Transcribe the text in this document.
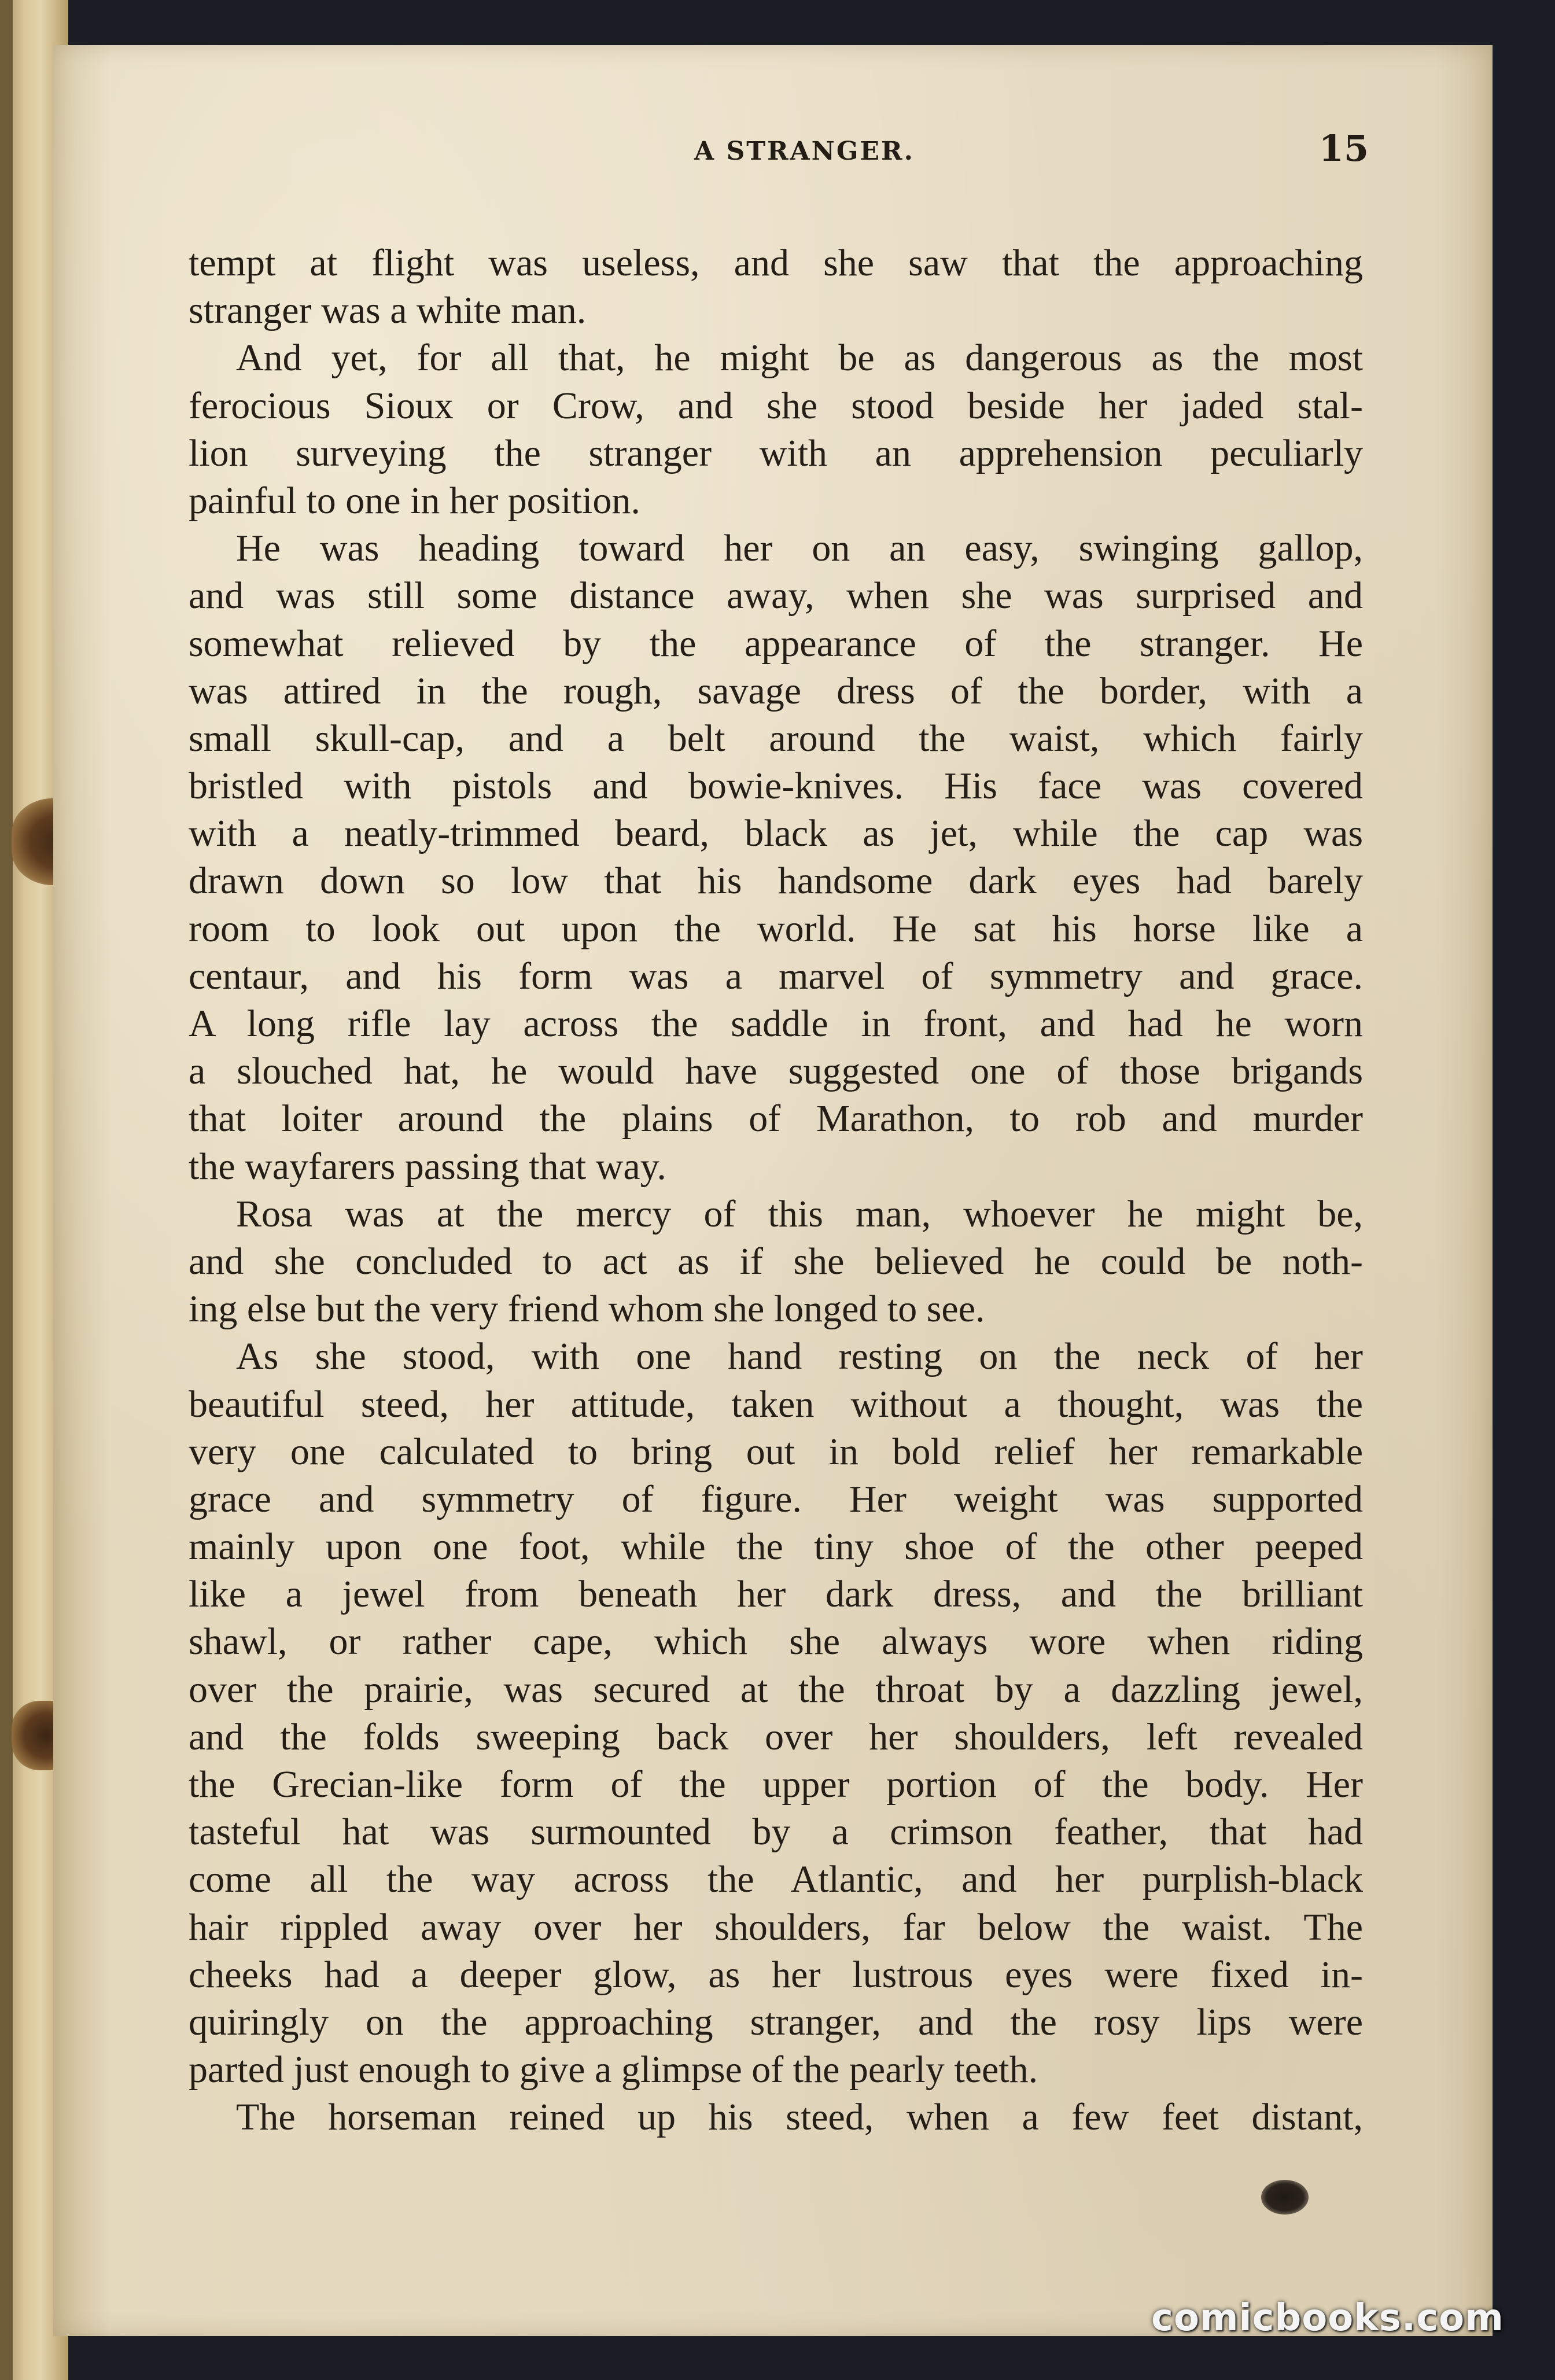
A STRANGER.	15
tempt at flight was useless, and she saw that the approaching
stranger was a white man.
And yet, for all that, he might be as dangerous as the most
ferocious Sioux or Crow, and she stood beside her jaded stal-
lion surveying the stranger with an apprehension peculiarly
painful to one in her position.
He was heading toward her on an easy, swinging gallop,
and was still some distance away, when she was surprised and
somewhat relieved by the appearance of the stranger. He
was attired in the rough, savage dress of the border, with a
small skull-cap, and a belt around the waist, which fairly
bristled with pistols and bowie-knives. His face was covered
with a neatly-trimmed beard, black as jet, while the cap was
drawn down so low that his handsome dark eyes had barely
room to look out upon the world. He sat his horse like a
centaur, and his form was a marvel of symmetry and grace.
A long rifle lay across the saddle in front, and had he worn
a slouched hat, he would have suggested one of those brigands
that loiter around the plains of Marathon, to rob and murder
the wayfarers passing that way.
Rosa was at the mercy of this man, whoever he might be,
and she concluded to act as if she believed he could be noth-
ing else but the very friend whom she longed to see.
As she stood, with one hand resting on the neck of her
beautiful steed, her attitude, taken without a thought, was the
very one calculated to bring out in bold relief her remarkable
grace and symmetry of figure. Her weight was supported
mainly upon one foot, while the tiny shoe of the other peeped
like a jewel from beneath her dark dress, and the brilliant
shawl, or rather cape, which she always wore when riding
over the prairie, was secured at the throat by a dazzling jewel,
and the folds sweeping back over her shoulders, left revealed
the Grecian-like form of the upper portion of the body. Her
tasteful hat was surmounted by a crimson feather, that had
come all the way across the Atlantic, and her purplish-black
hair rippled away over her shoulders, far below the waist. The
cheeks had a deeper glow, as her lustrous eyes were fixed in-
quiringly on the approaching stranger, and the rosy lips were
parted just enough to give a glimpse of the pearly teeth.
The horseman reined up his steed, when a few feet distant,
comicbooks.com
